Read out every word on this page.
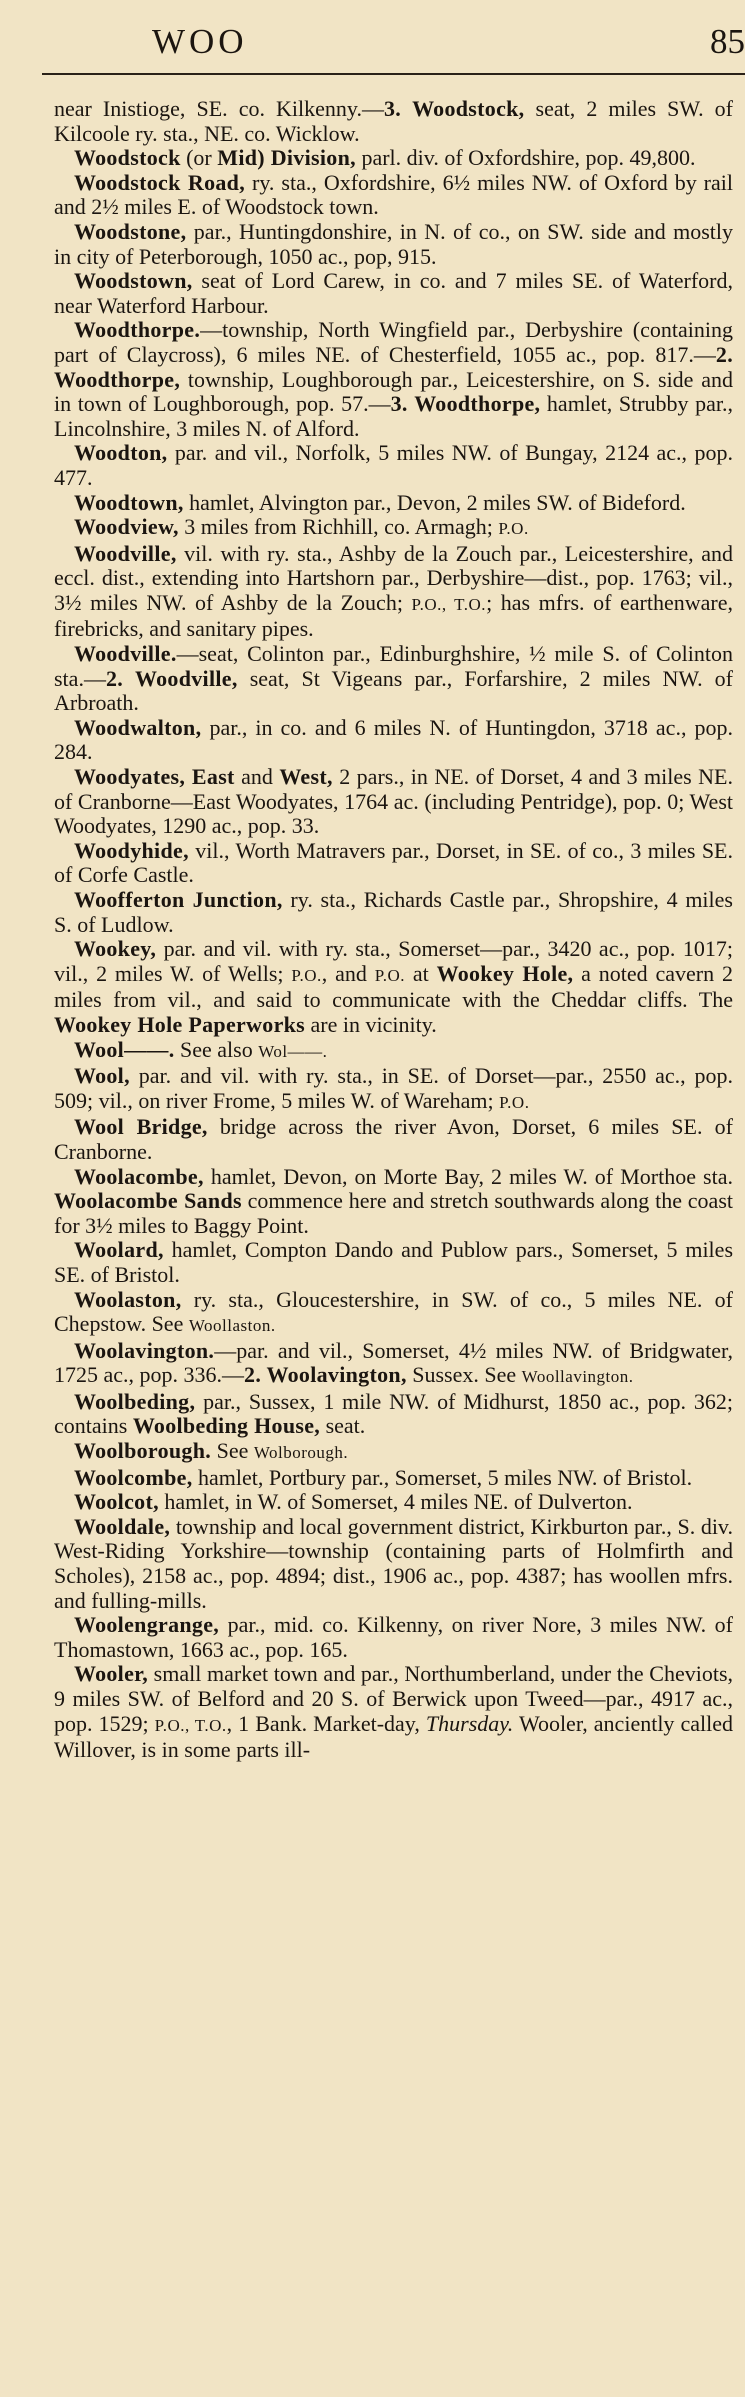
WOO	85

near Inistioge, SE. co. Kilkenny.—3. Woodstock, seat, 2 miles SW. of Kilcoole ry. sta., NE. co. Wicklow.

Woodstock (or Mid) Division, parl. div. of Oxfordshire, pop. 49,800.

Woodstock Road, ry. sta., Oxfordshire, 6½ miles NW. of Oxford by rail and 2½ miles E. of Woodstock town.

Woodstone, par., Huntingdonshire, in N. of co., on SW. side and mostly in city of Peterborough, 1050 ac., pop, 915.

Woodstown, seat of Lord Carew, in co. and 7 miles SE. of Waterford, near Waterford Harbour.

Woodthorpe.—township, North Wingfield par., Derbyshire (containing part of Claycross), 6 miles NE. of Chesterfield, 1055 ac., pop. 817.—2. Woodthorpe, township, Loughborough par., Leicestershire, on S. side and in town of Loughborough, pop. 57.—3. Woodthorpe, hamlet, Strubby par., Lincolnshire, 3 miles N. of Alford.

Woodton, par. and vil., Norfolk, 5 miles NW. of Bungay, 2124 ac., pop. 477.

Woodtown, hamlet, Alvington par., Devon, 2 miles SW. of Bideford.

Woodview, 3 miles from Richhill, co. Armagh; P.O.

Woodville, vil. with ry. sta., Ashby de la Zouch par., Leicestershire, and eccl. dist., extending into Hartshorn par., Derbyshire—dist., pop. 1763; vil., 3½ miles NW. of Ashby de la Zouch; P.O., T.O.; has mfrs. of earthenware, firebricks, and sanitary pipes.

Woodville.—seat, Colinton par., Edinburghshire, ½ mile S. of Colinton sta.—2. Woodville, seat, St Vigeans par., Forfarshire, 2 miles NW. of Arbroath.

Woodwalton, par., in co. and 6 miles N. of Huntingdon, 3718 ac., pop. 284.

Woodyates, East and West, 2 pars., in NE. of Dorset, 4 and 3 miles NE. of Cranborne—East Woodyates, 1764 ac. (including Pentridge), pop. 0; West Woodyates, 1290 ac., pop. 33.

Woodyhide, vil., Worth Matravers par., Dorset, in SE. of co., 3 miles SE. of Corfe Castle.

Woofferton Junction, ry. sta., Richards Castle par., Shropshire, 4 miles S. of Ludlow.

Wookey, par. and vil. with ry. sta., Somerset—par., 3420 ac., pop. 1017; vil., 2 miles W. of Wells; P.O., and P.O. at Wookey Hole, a noted cavern 2 miles from vil., and said to communicate with the Cheddar cliffs. The Wookey Hole Paperworks are in vicinity.

Wool——. See also Wol——.

Wool, par. and vil. with ry. sta., in SE. of Dorset—par., 2550 ac., pop. 509; vil., on river Frome, 5 miles W. of Wareham; P.O.

Wool Bridge, bridge across the river Avon, Dorset, 6 miles SE. of Cranborne.

Woolacombe, hamlet, Devon, on Morte Bay, 2 miles W. of Morthoe sta. Woolacombe Sands commence here and stretch southwards along the coast for 3½ miles to Baggy Point.

Woolard, hamlet, Compton Dando and Publow pars., Somerset, 5 miles SE. of Bristol.

Woolaston, ry. sta., Gloucestershire, in SW. of co., 5 miles NE. of Chepstow. See Woollaston.

Woolavington.—par. and vil., Somerset, 4½ miles NW. of Bridgwater, 1725 ac., pop. 336.—2. Woolavington, Sussex. See Woollavington.

Woolbeding, par., Sussex, 1 mile NW. of Midhurst, 1850 ac., pop. 362; contains Woolbeding House, seat.

Woolborough. See Wolborough.

Woolcombe, hamlet, Portbury par., Somerset, 5 miles NW. of Bristol.

Woolcot, hamlet, in W. of Somerset, 4 miles NE. of Dulverton.

Wooldale, township and local government district, Kirkburton par., S. div. West-Riding Yorkshire—township (containing parts of Holmfirth and Scholes), 2158 ac., pop. 4894; dist., 1906 ac., pop. 4387; has woollen mfrs. and fulling-mills.

Woolengrange, par., mid. co. Kilkenny, on river Nore, 3 miles NW. of Thomastown, 1663 ac., pop. 165.

Wooler, small market town and par., Northumberland, under the Cheviots, 9 miles SW. of Belford and 20 S. of Berwick upon Tweed—par., 4917 ac., pop. 1529; P.O., T.O., 1 Bank. Market-day, Thursday. Wooler, anciently called Willover, is in some parts ill-
